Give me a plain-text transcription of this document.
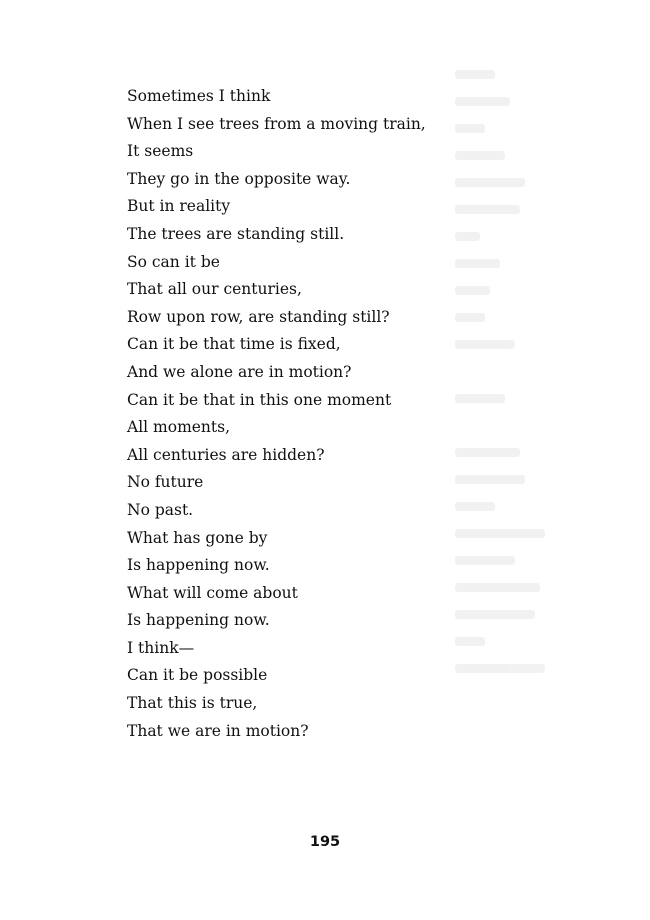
Sometimes I think
When I see trees from a moving train,
It seems
They go in the opposite way.
But in reality
The trees are standing still.
So can it be
That all our centuries,
Row upon row, are standing still?
Can it be that time is fixed,
And we alone are in motion?
Can it be that in this one moment
All moments,
All centuries are hidden?
No future
No past.
What has gone by
Is happening now.
What will come about
Is happening now.
I think—
Can it be possible
That this is true,
That we are in motion?
195
